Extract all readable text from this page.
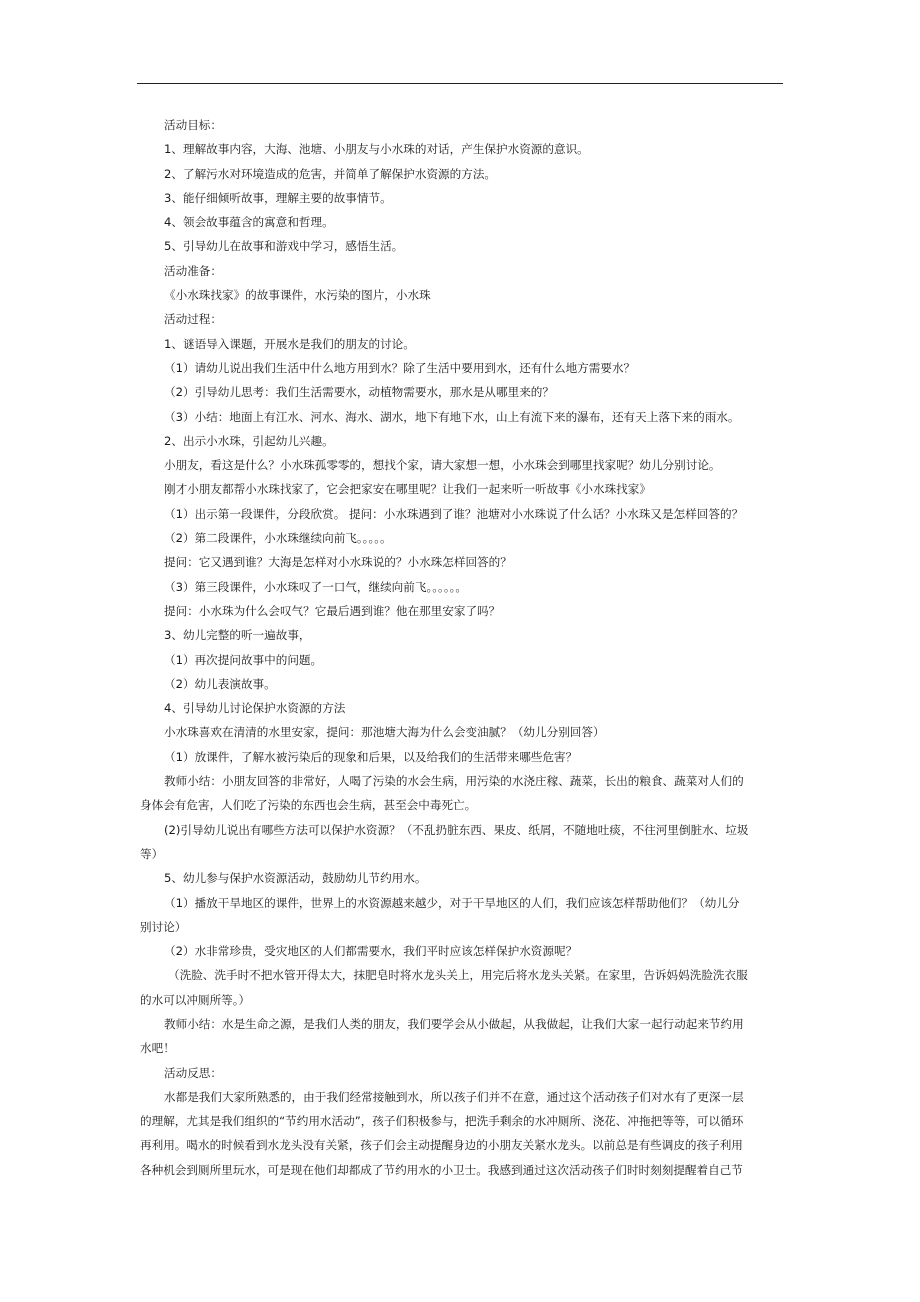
活动目标：
1、理解故事内容，大海、池塘、小朋友与小水珠的对话，产生保护水资源的意识。
2、了解污水对环境造成的危害，并简单了解保护水资源的方法。
3、能仔细倾听故事，理解主要的故事情节。
4、领会故事蕴含的寓意和哲理。
5、引导幼儿在故事和游戏中学习，感悟生活。
活动准备：
《小水珠找家》的故事课件，水污染的图片，小水珠
活动过程：
1、谜语导入课题，开展水是我们的朋友的讨论。
（1）请幼儿说出我们生活中什么地方用到水？除了生活中要用到水，还有什么地方需要水？
（2）引导幼儿思考：我们生活需要水，动植物需要水，那水是从哪里来的？
（3）小结：地面上有江水、河水、海水、湖水，地下有地下水，山上有流下来的瀑布，还有天上落下来的雨水。
2、出示小水珠，引起幼儿兴趣。
小朋友，看这是什么？小水珠孤零零的，想找个家，请大家想一想，小水珠会到哪里找家呢？幼儿分别讨论。
刚才小朋友都帮小水珠找家了，它会把家安在哪里呢？让我们一起来听一听故事《小水珠找家》
（1）出示第一段课件，分段欣赏。 提问：小水珠遇到了谁？池塘对小水珠说了什么话？小水珠又是怎样回答的？
（2）第二段课件，小水珠继续向前飞。。。。。
提问：它又遇到谁？大海是怎样对小水珠说的？小水珠怎样回答的？
（3）第三段课件，小水珠叹了一口气，继续向前飞。。。。。。
提问：小水珠为什么会叹气？它最后遇到谁？他在那里安家了吗？
3、幼儿完整的听一遍故事，
（1）再次提问故事中的问题。
（2）幼儿表演故事。
4、引导幼儿讨论保护水资源的方法
小水珠喜欢在清清的水里安家，提问：那池塘大海为什么会变油腻？（幼儿分别回答）
（1）放课件，了解水被污染后的现象和后果，以及给我们的生活带来哪些危害？
教师小结：小朋友回答的非常好，人喝了污染的水会生病，用污染的水浇庄稼、蔬菜，长出的粮食、蔬菜对人们的
身体会有危害，人们吃了污染的东西也会生病，甚至会中毒死亡。
(2)引导幼儿说出有哪些方法可以保护水资源？（不乱扔脏东西、果皮、纸屑，不随地吐痰，不往河里倒脏水、垃圾
等）
5、幼儿参与保护水资源活动，鼓励幼儿节约用水。
（1）播放干旱地区的课件，世界上的水资源越来越少，对于干旱地区的人们，我们应该怎样帮助他们？（幼儿分
别讨论）
（2）水非常珍贵，受灾地区的人们都需要水，我们平时应该怎样保护水资源呢？
（洗脸、洗手时不把水管开得太大，抹肥皂时将水龙头关上，用完后将水龙头关紧。在家里，告诉妈妈洗脸洗衣服
的水可以冲厕所等。）
教师小结：水是生命之源，是我们人类的朋友，我们要学会从小做起，从我做起，让我们大家一起行动起来节约用
水吧！
活动反思：
水都是我们大家所熟悉的，由于我们经常接触到水，所以孩子们并不在意，通过这个活动孩子们对水有了更深一层
的理解，尤其是我们组织的“节约用水活动”，孩子们积极参与，把洗手剩余的水冲厕所、浇花、冲拖把等等，可以循环
再利用。喝水的时候看到水龙头没有关紧，孩子们会主动提醒身边的小朋友关紧水龙头。以前总是有些调皮的孩子利用
各种机会到厕所里玩水，可是现在他们却都成了节约用水的小卫士。我感到通过这次活动孩子们时时刻刻提醒着自己节
